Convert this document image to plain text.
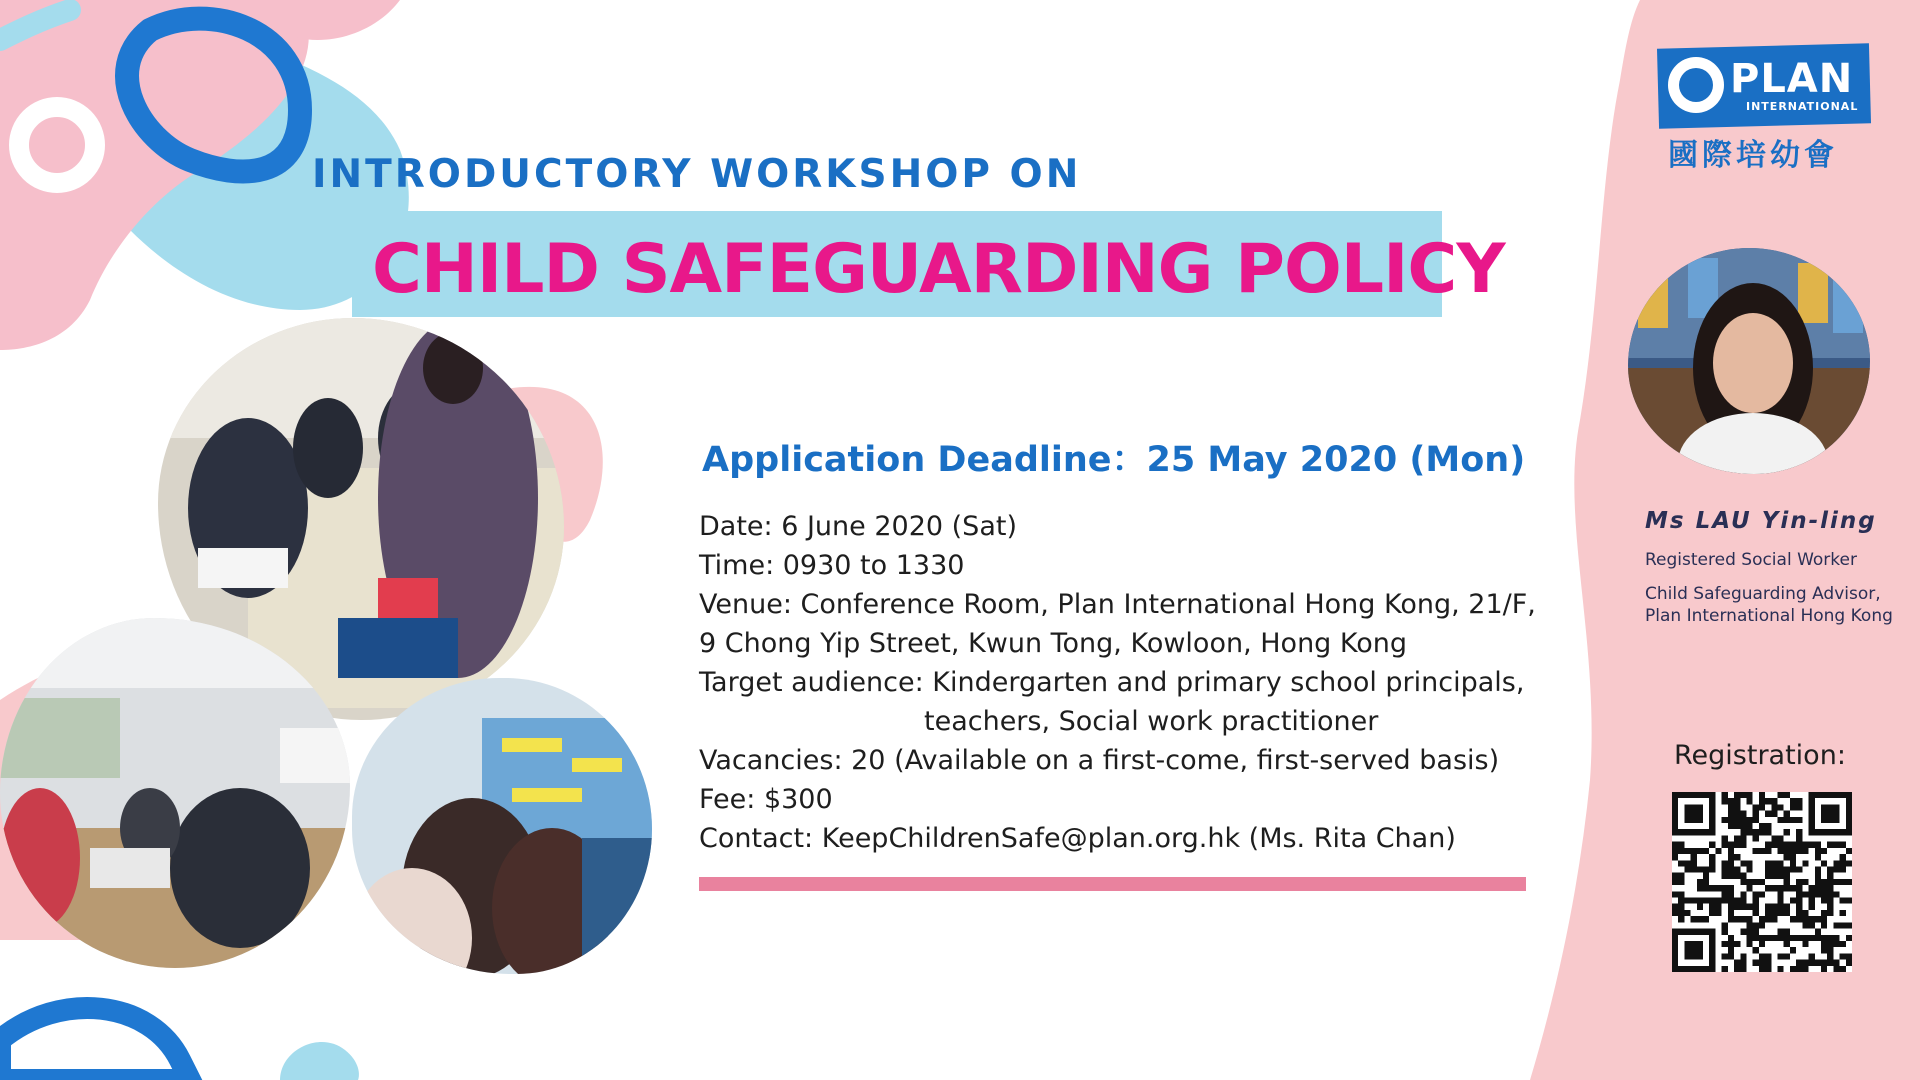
INTRODUCTORY WORKSHOP ON
CHILD SAFEGUARDING POLICY
Application Deadline：25 May 2020 (Mon)
Date: 6 June 2020 (Sat)
Time: 0930 to 1330
Venue: Conference Room, Plan International Hong Kong, 21/F,
9 Chong Yip Street, Kwun Tong, Kowloon, Hong Kong
Target audience: Kindergarten and primary school principals,
teachers, Social work practitioner
Vacancies: 20 (Available on a first-come, first-served basis)
Fee: $300
Contact: KeepChildrenSafe@plan.org.hk (Ms. Rita Chan)
PLAN
INTERNATIONAL
國際培幼會
Ms LAU Yin-ling
Registered Social Worker
Child Safeguarding Advisor,
Plan International Hong Kong
Registration:
